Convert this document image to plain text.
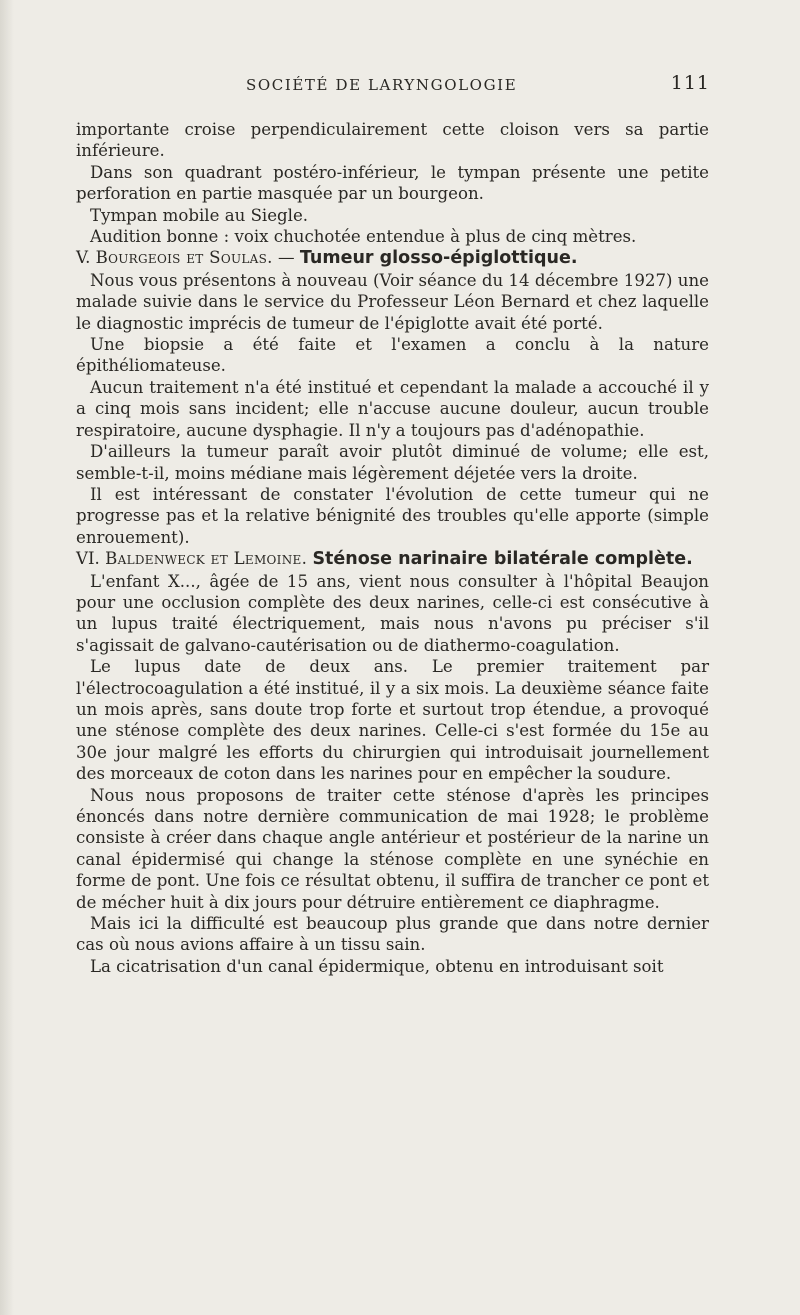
SOCIÉTÉ DE LARYNGOLOGIE	111

importante croise perpendiculairement cette cloison vers sa partie inférieure.

Dans son quadrant postéro-inférieur, le tympan présente une petite perforation en partie masquée par un bourgeon.

Tympan mobile au Siegle.

Audition bonne : voix chuchotée entendue à plus de cinq mètres.

V. Bourgeois et Soulas. — Tumeur glosso-épiglottique.

Nous vous présentons à nouveau (Voir séance du 14 décembre 1927) une malade suivie dans le service du Professeur Léon Bernard et chez laquelle le diagnostic imprécis de tumeur de l'épiglotte avait été porté.

Une biopsie a été faite et l'examen a conclu à la nature épithéliomateuse.

Aucun traitement n'a été institué et cependant la malade a accouché il y a cinq mois sans incident; elle n'accuse aucune douleur, aucun trouble respiratoire, aucune dysphagie. Il n'y a toujours pas d'adénopathie.

D'ailleurs la tumeur paraît avoir plutôt diminué de volume; elle est, semble-t-il, moins médiane mais légèrement déjetée vers la droite.

Il est intéressant de constater l'évolution de cette tumeur qui ne progresse pas et la relative bénignité des troubles qu'elle apporte (simple enrouement).

VI. Baldenweck et Lemoine. Sténose narinaire bilatérale complète.

L'enfant X..., âgée de 15 ans, vient nous consulter à l'hôpital Beaujon pour une occlusion complète des deux narines, celle-ci est consécutive à un lupus traité électriquement, mais nous n'avons pu préciser s'il s'agissait de galvano-cautérisation ou de diathermo-coagulation.

Le lupus date de deux ans. Le premier traitement par l'électrocoagulation a été institué, il y a six mois. La deuxième séance faite un mois après, sans doute trop forte et surtout trop étendue, a provoqué une sténose complète des deux narines. Celle-ci s'est formée du 15e au 30e jour malgré les efforts du chirurgien qui introduisait journellement des morceaux de coton dans les narines pour en empêcher la soudure.

Nous nous proposons de traiter cette sténose d'après les principes énoncés dans notre dernière communication de mai 1928; le problème consiste à créer dans chaque angle antérieur et postérieur de la narine un canal épidermisé qui change la sténose complète en une synéchie en forme de pont. Une fois ce résultat obtenu, il suffira de trancher ce pont et de mécher huit à dix jours pour détruire entièrement ce diaphragme.

Mais ici la difficulté est beaucoup plus grande que dans notre dernier cas où nous avions affaire à un tissu sain.

La cicatrisation d'un canal épidermique, obtenu en introduisant soit
